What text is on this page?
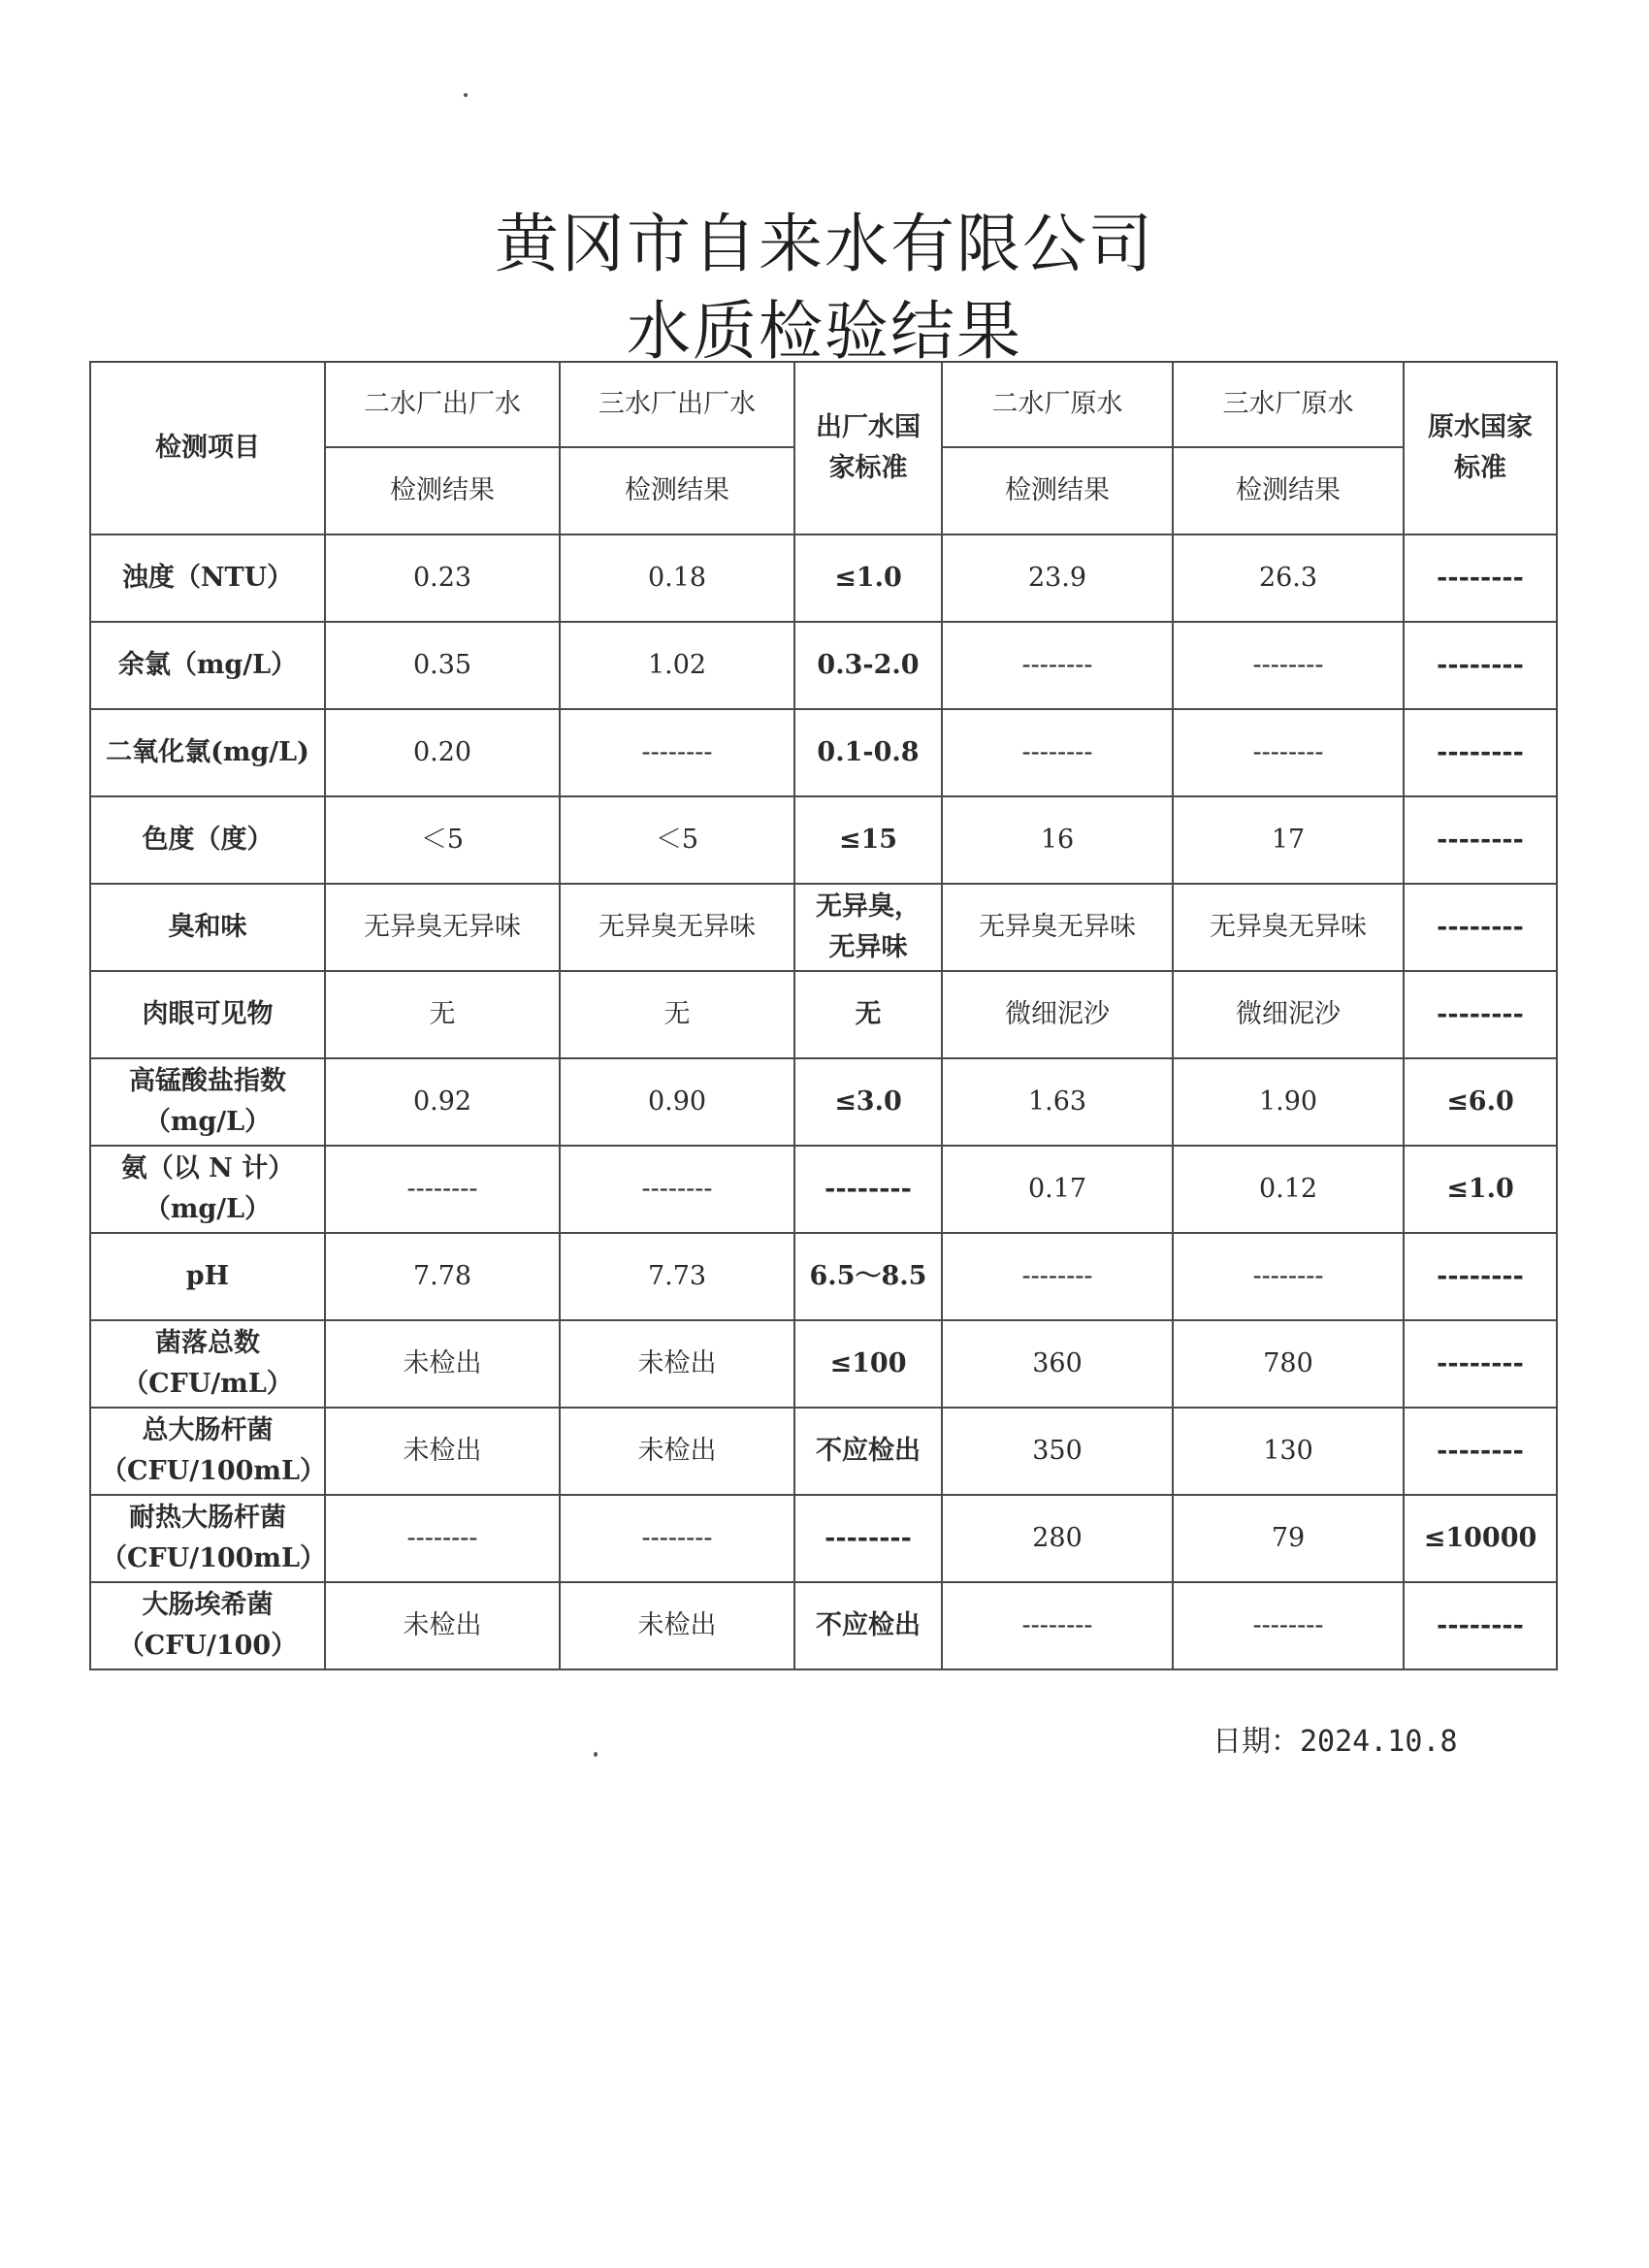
黄冈市自来水有限公司
水质检验结果
检测项目	二水厂出厂水	三水厂出厂水	出厂水国家标准	二水厂原水	三水厂原水	原水国家标准
	检测结果	检测结果		检测结果	检测结果	
浊度（NTU）	0.23	0.18	≤1.0	23.9	26.3	--------
余氯（mg/L）	0.35	1.02	0.3-2.0	--------	--------	--------
二氧化氯(mg/L)	0.20	--------	0.1-0.8	--------	--------	--------
色度（度）	＜5	＜5	≤15	16	17	--------
臭和味	无异臭无异味	无异臭无异味	无异臭，无异味	无异臭无异味	无异臭无异味	--------
肉眼可见物	无	无	无	微细泥沙	微细泥沙	--------
高锰酸盐指数（mg/L）	0.92	0.90	≤3.0	1.63	1.90	≤6.0
氨（以 N 计）（mg/L）	--------	--------	--------	0.17	0.12	≤1.0
pH	7.78	7.73	6.5～8.5	--------	--------	--------
菌落总数（CFU/mL）	未检出	未检出	≤100	360	780	--------
总大肠杆菌（CFU/100mL）	未检出	未检出	不应检出	350	130	--------
耐热大肠杆菌（CFU/100mL）	--------	--------	--------	280	79	≤10000
大肠埃希菌（CFU/100）	未检出	未检出	不应检出	--------	--------	--------
日期：2024.10.8
